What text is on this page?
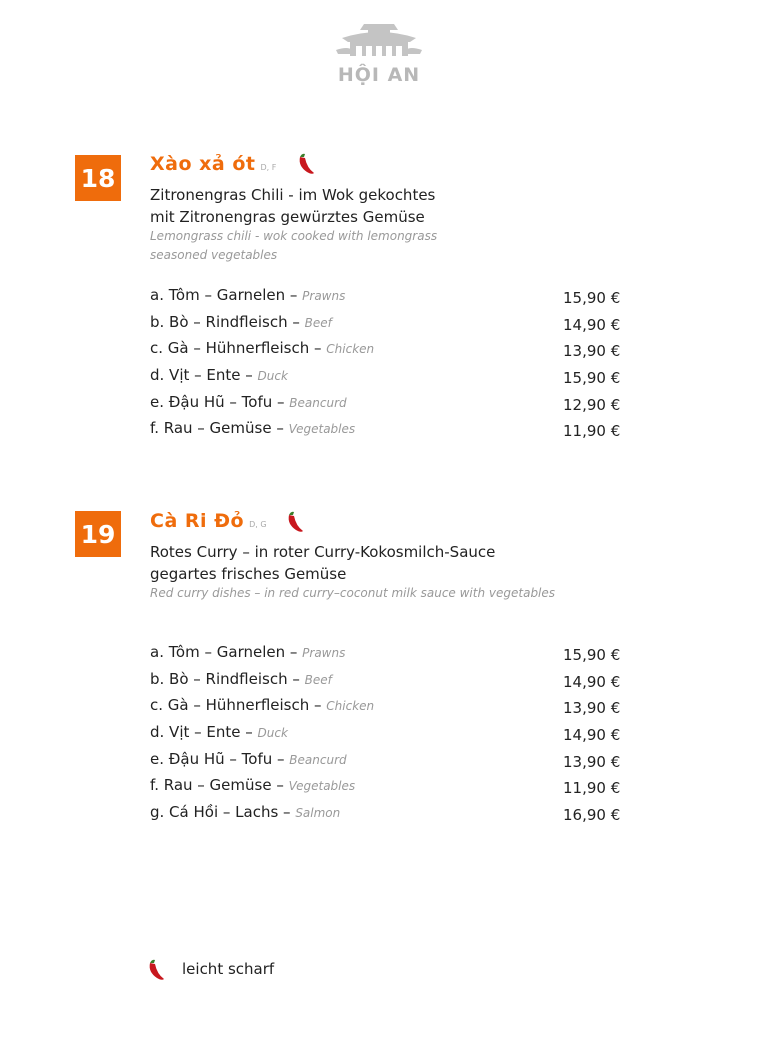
HỘI AN
18 Xào xả ót D, F
Zitronengras Chili - im Wok gekochtes
mit Zitronengras gewürztes Gemüse
Lemongrass chili - wok cooked with lemongrass
seasoned vegetables
a. Tôm – Garnelen – Prawns	15,90 €
b. Bò – Rindfleisch – Beef	14,90 €
c. Gà – Hühnerfleisch – Chicken	13,90 €
d. Vịt – Ente – Duck	15,90 €
e. Đậu Hũ – Tofu – Beancurd	12,90 €
f. Rau – Gemüse – Vegetables	11,90 €
19 Cà Ri Đỏ D, G
Rotes Curry – in roter Curry-Kokosmilch-Sauce
gegartes frisches Gemüse
Red curry dishes – in red curry–coconut milk sauce with vegetables
a. Tôm – Garnelen – Prawns	15,90 €
b. Bò – Rindfleisch – Beef	14,90 €
c. Gà – Hühnerfleisch – Chicken	13,90 €
d. Vịt – Ente – Duck	14,90 €
e. Đậu Hũ – Tofu – Beancurd	13,90 €
f. Rau – Gemüse – Vegetables	11,90 €
g. Cá Hồi – Lachs – Salmon	16,90 €
leicht scharf
